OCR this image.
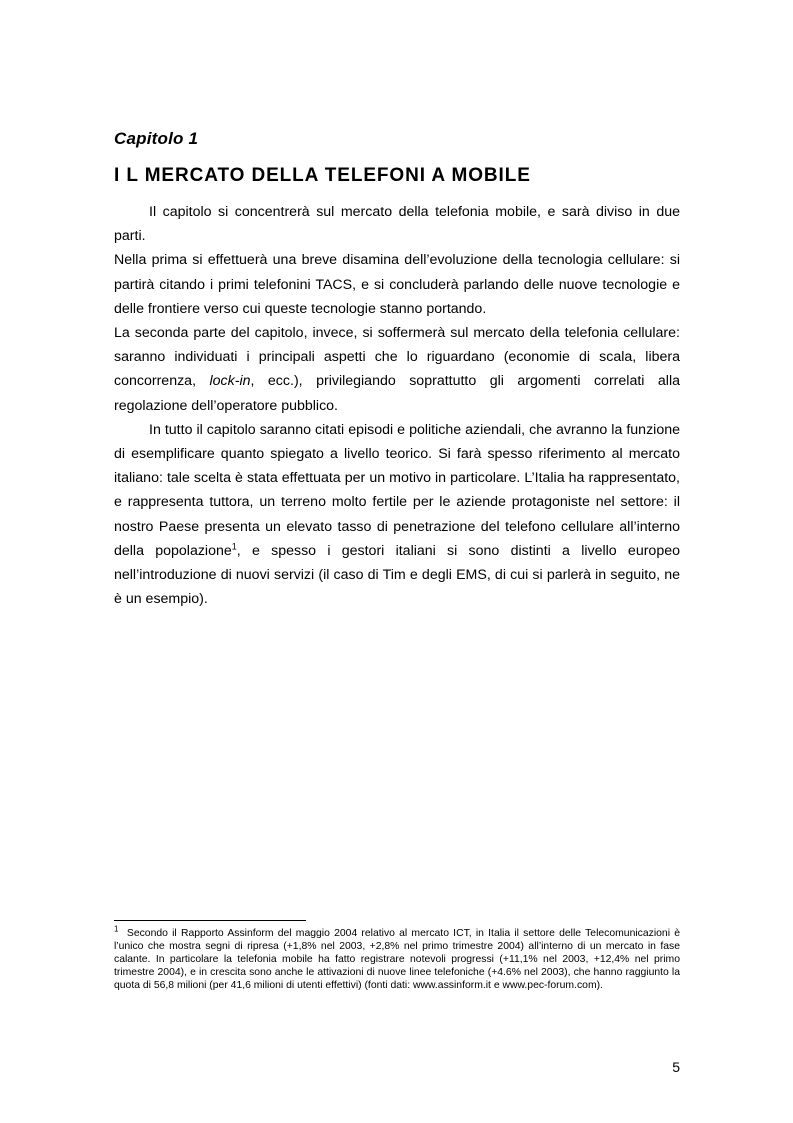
Capitolo 1
I L MERCATO DELLA TELEFONI A MOBILE

Il capitolo si concentrerà sul mercato della telefonia mobile, e sarà diviso in due parti.

Nella prima si effettuerà una breve disamina dell’evoluzione della tecnologia cellulare: si partirà citando i primi telefonini TACS, e si concluderà parlando delle nuove tecnologie e delle frontiere verso cui queste tecnologie stanno portando.

La seconda parte del capitolo, invece, si soffermerà sul mercato della telefonia cellulare: saranno individuati i principali aspetti che lo riguardano (economie di scala, libera concorrenza, lock-in, ecc.), privilegiando soprattutto gli argomenti correlati alla regolazione dell’operatore pubblico.

In tutto il capitolo saranno citati episodi e politiche aziendali, che avranno la funzione di esemplificare quanto spiegato a livello teorico. Si farà spesso riferimento al mercato italiano: tale scelta è stata effettuata per un motivo in particolare. L’Italia ha rappresentato, e rappresenta tuttora, un terreno molto fertile per le aziende protagoniste nel settore: il nostro Paese presenta un elevato tasso di penetrazione del telefono cellulare all’interno della popolazione$^1$, e spesso i gestori italiani si sono distinti a livello europeo nell’introduzione di nuovi servizi (il caso di Tim e degli EMS, di cui si parlerà in seguito, ne è un esempio).

$^1$ Secondo il Rapporto Assinform del maggio 2004 relativo al mercato ICT, in Italia il settore delle Telecomunicazioni è l’unico che mostra segni di ripresa (+1,8% nel 2003, +2,8% nel primo trimestre 2004) all’interno di un mercato in fase calante. In particolare la telefonia mobile ha fatto registrare notevoli progressi (+11,1% nel 2003, +12,4% nel primo trimestre 2004), e in crescita sono anche le attivazioni di nuove linee telefoniche (+4.6% nel 2003), che hanno raggiunto la quota di 56,8 milioni (per 41,6 milioni di utenti effettivi) (fonti dati: www.assinform.it e www.pec-forum.com).

5
